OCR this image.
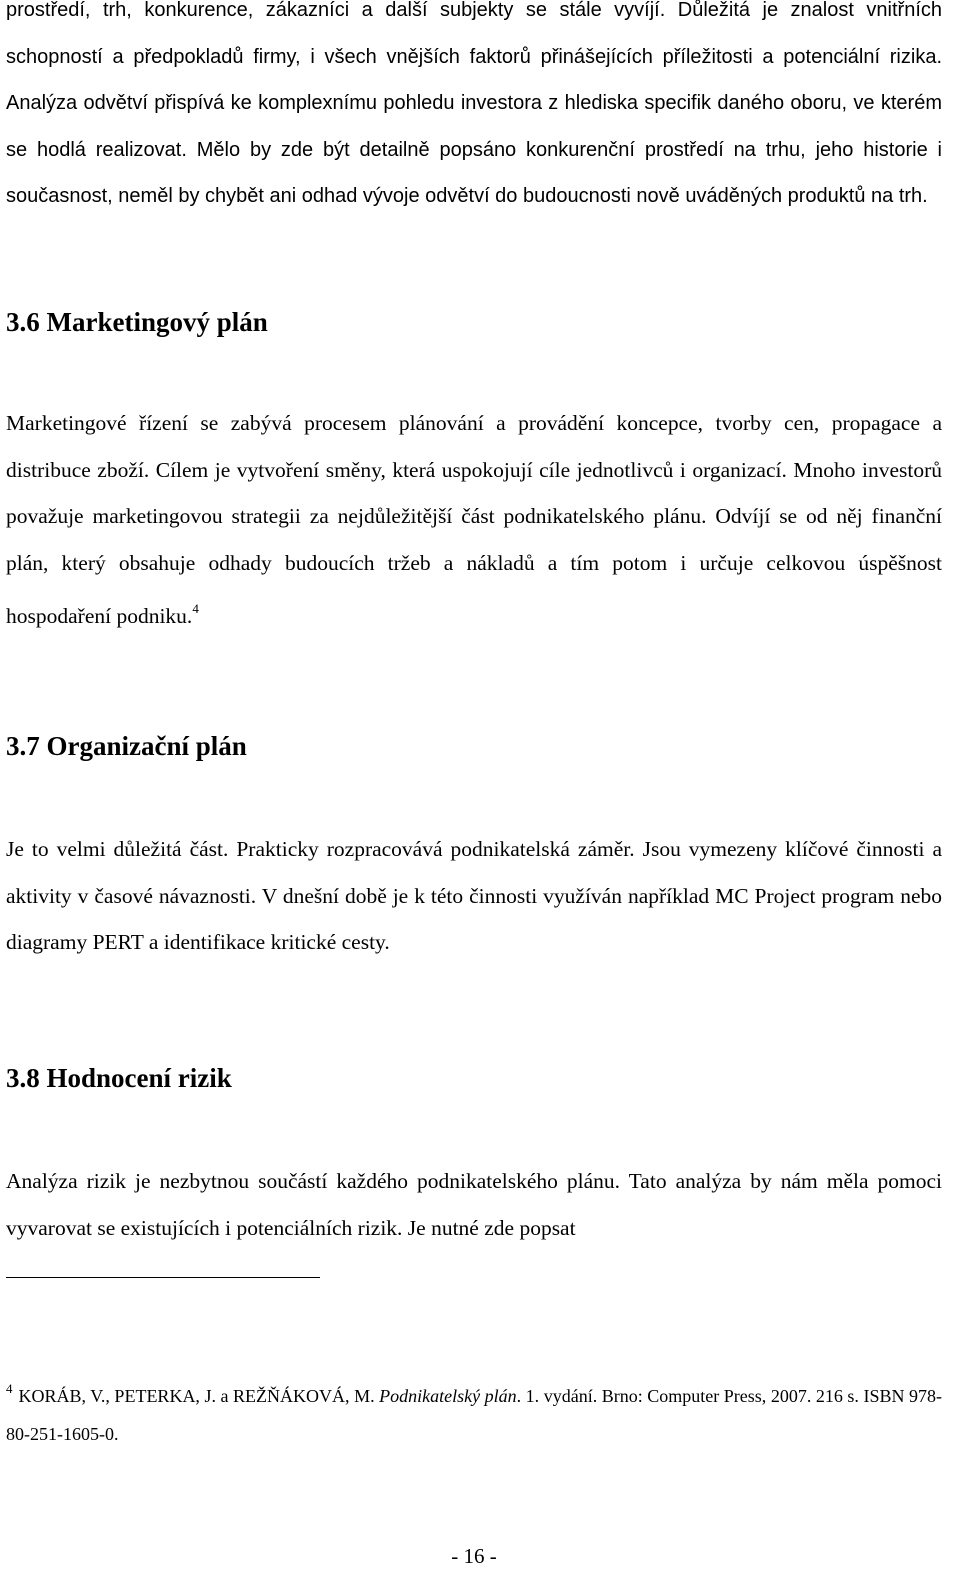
prostředí, trh, konkurence, zákazníci a další subjekty se stále vyvíjí. Důležitá je znalost vnitřních schopností a předpokladů firmy, i všech vnějších faktorů přinášejících příležitosti a potenciální rizika. Analýza odvětví přispívá ke komplexnímu pohledu investora z hlediska specifik daného oboru, ve kterém se hodlá realizovat. Mělo by zde být detailně popsáno konkurenční prostředí na trhu, jeho historie i současnost, neměl by chybět ani odhad vývoje odvětví do budoucnosti nově uváděných produktů na trh.

3.6 Marketingový plán

Marketingové řízení se zabývá procesem plánování a provádění koncepce, tvorby cen, propagace a distribuce zboží. Cílem je vytvoření směny, která uspokojují cíle jednotlivců i organizací. Mnoho investorů považuje marketingovou strategii za nejdůležitější část podnikatelského plánu. Odvíjí se od něj finanční plán, který obsahuje odhady budoucích tržeb a nákladů a tím potom i určuje celkovou úspěšnost hospodaření podniku.$^4$

3.7 Organizační plán

Je to velmi důležitá část. Prakticky rozpracovává podnikatelská záměr. Jsou vymezeny klíčové činnosti a aktivity v časové návaznosti. V dnešní době je k této činnosti využíván například MC Project program nebo diagramy PERT a identifikace kritické cesty.

3.8 Hodnocení rizik

Analýza rizik je nezbytnou součástí každého podnikatelského plánu. Tato analýza by nám měla pomoci vyvarovat se existujících i potenciálních rizik. Je nutné zde popsat

$^4$ KORÁB, V., PETERKA, J. a REŽŇÁKOVÁ, M. Podnikatelský plán. 1. vydání. Brno: Computer Press, 2007. 216 s. ISBN 978-80-251-1605-0.
- 16 -
